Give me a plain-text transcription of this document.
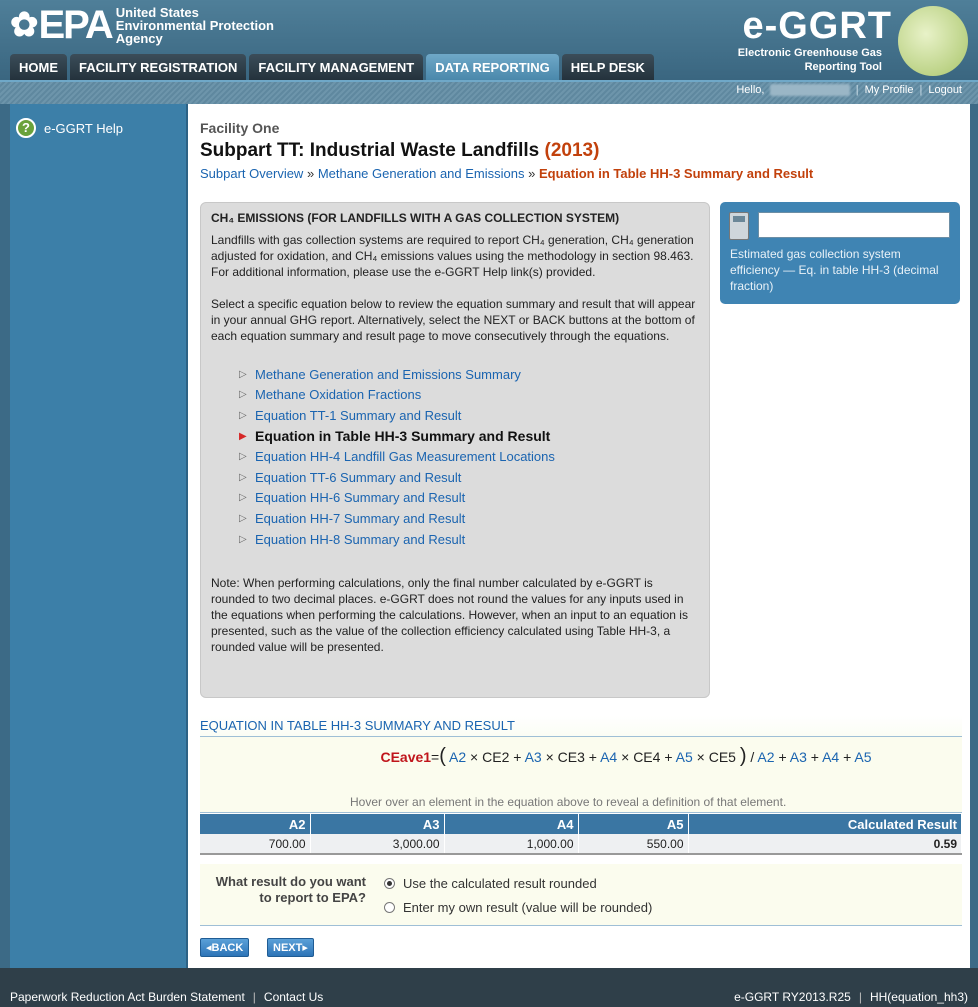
✿ EPA United States
Environmental Protection
Agency	e-GGRT
Electronic Greenhouse Gas
Reporting Tool
HOME	FACILITY REGISTRATION	FACILITY MANAGEMENT	DATA REPORTING	HELP DESK
Hello, Laurel Snapper | My Profile | Logout
?	e-GGRT Help	Facility One
Subpart TT: Industrial Waste Landfills (2013)
Subpart Overview » Methane Generation and Emissions » Equation in Table HH-3 Summary and Result
CH₄ EMISSIONS (FOR LANDFILLS WITH A GAS COLLECTION SYSTEM)

Landfills with gas collection systems are required to report CH₄ generation, CH₄ generation adjusted for oxidation, and CH₄ emissions values using the methodology in section 98.463. For additional information, please use the e-GGRT Help link(s) provided.

Select a specific equation below to review the equation summary and result that will appear in your annual GHG report. Alternatively, select the NEXT or BACK buttons at the bottom of each equation summary and result page to move consecutively through the equations.

▷ Methane Generation and Emissions Summary
▷ Methane Oxidation Fractions
▷ Equation TT-1 Summary and Result
▶ Equation in Table HH-3 Summary and Result
▷ Equation HH-4 Landfill Gas Measurement Locations
▷ Equation TT-6 Summary and Result
▷ Equation HH-6 Summary and Result
▷ Equation HH-7 Summary and Result
▷ Equation HH-8 Summary and Result

Note: When performing calculations, only the final number calculated by e-GGRT is rounded to two decimal places. e-GGRT does not round the values for any inputs used in the equations when performing the calculations. However, when an input to an equation is presented, such as the value of the collection efficiency calculated using Table HH-3, a rounded value will be presented.

Estimated gas collection system efficiency — Eq. in table HH-3 (decimal fraction)
EQUATION IN TABLE HH-3 SUMMARY AND RESULT
CEave1=( A2 × CE2 + A3 × CE3 + A4 × CE4 + A5 × CE5 ) / A2 + A3 + A4 + A5
Hover over an element in the equation above to reveal a definition of that element.
A2	A3	A4	A5	Calculated Result
700.00	3,000.00	1,000.00	550.00	0.59
What result do you want to report to EPA?
Use the calculated result rounded
Enter my own result (value will be rounded)
◂BACK	NEXT▸
Paperwork Reduction Act Burden Statement | Contact Us	e-GGRT RY2013.R25 | HH(equation_hh3)
